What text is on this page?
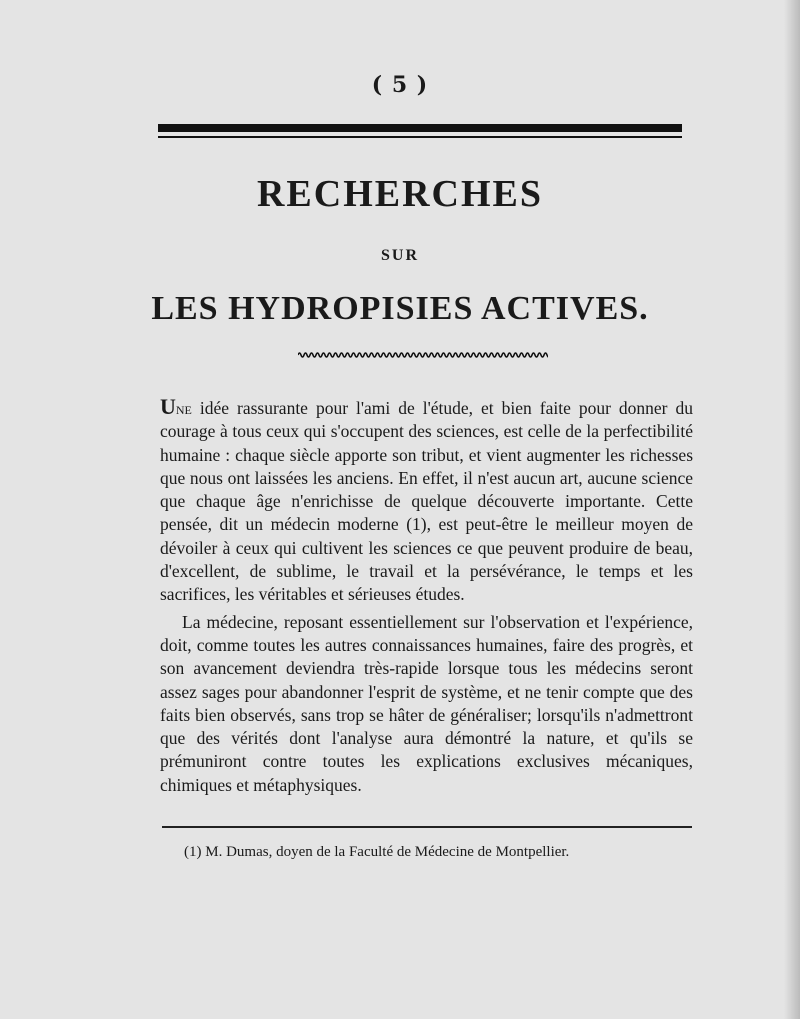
( 5 )
RECHERCHES
SUR
LES HYDROPISIES ACTIVES.

Une idée rassurante pour l'ami de l'étude, et bien faite pour donner du courage à tous ceux qui s'occupent des sciences, est celle de la perfectibilité humaine : chaque siècle apporte son tribut, et vient augmenter les richesses que nous ont laissées les anciens. En effet, il n'est aucun art, aucune science que chaque âge n'enrichisse de quelque découverte importante. Cette pensée, dit un médecin moderne (1), est peut-être le meilleur moyen de dévoiler à ceux qui cultivent les sciences ce que peuvent produire de beau, d'excellent, de sublime, le travail et la persévérance, le temps et les sacrifices, les véritables et sérieuses études.

La médecine, reposant essentiellement sur l'observation et l'expérience, doit, comme toutes les autres connaissances humaines, faire des progrès, et son avancement deviendra très-rapide lorsque tous les médecins seront assez sages pour abandonner l'esprit de système, et ne tenir compte que des faits bien observés, sans trop se hâter de généraliser; lorsqu'ils n'admettront que des vérités dont l'analyse aura démontré la nature, et qu'ils se prémuniront contre toutes les explications exclusives mécaniques, chimiques et métaphysiques.

(1) M. Dumas, doyen de la Faculté de Médecine de Montpellier.
